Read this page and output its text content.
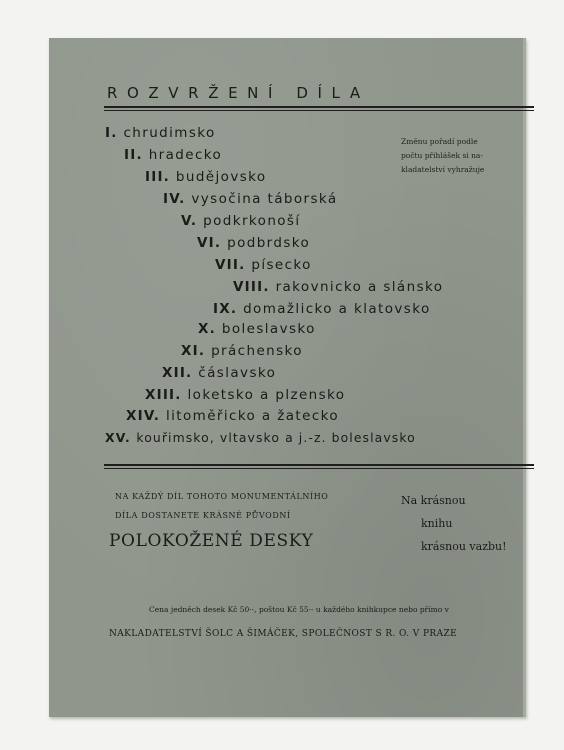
ROZVRŽENÍ DÍLA
I. chrudimsko
II. hradecko
III. budějovsko
IV. vysočina táborská
V. podkrkonoší
VI. podbrdsko
VII. písecko
VIII. rakovnicko a slánsko
IX. domažlicko a klatovsko
X. boleslavsko
XI. práchensko
XII. čáslavsko
XIII. loketsko a plzensko
XIV. litoměřicko a žatecko
XV. kouřimsko, vltavsko a j.-z. boleslavsko
Změnu pořadí podle
počtu přihlášek si na-
kladatelství vyhražuje
NA KAŽDÝ DÍL TOHOTO MONUMENTÁLNÍHO
DÍLA DOSTANETE KRÁSNÉ PŮVODNÍ
POLOKOŽENÉ DESKY
Na krásnou
knihu
krásnou vazbu!
Cena jedněch desek Kč 50·-, poštou Kč 55·- u každého knihkupce nebo přímo v
NAKLADATELSTVÍ ŠOLC A ŠIMÁČEK, SPOLEČNOST S R. O. V PRAZE
